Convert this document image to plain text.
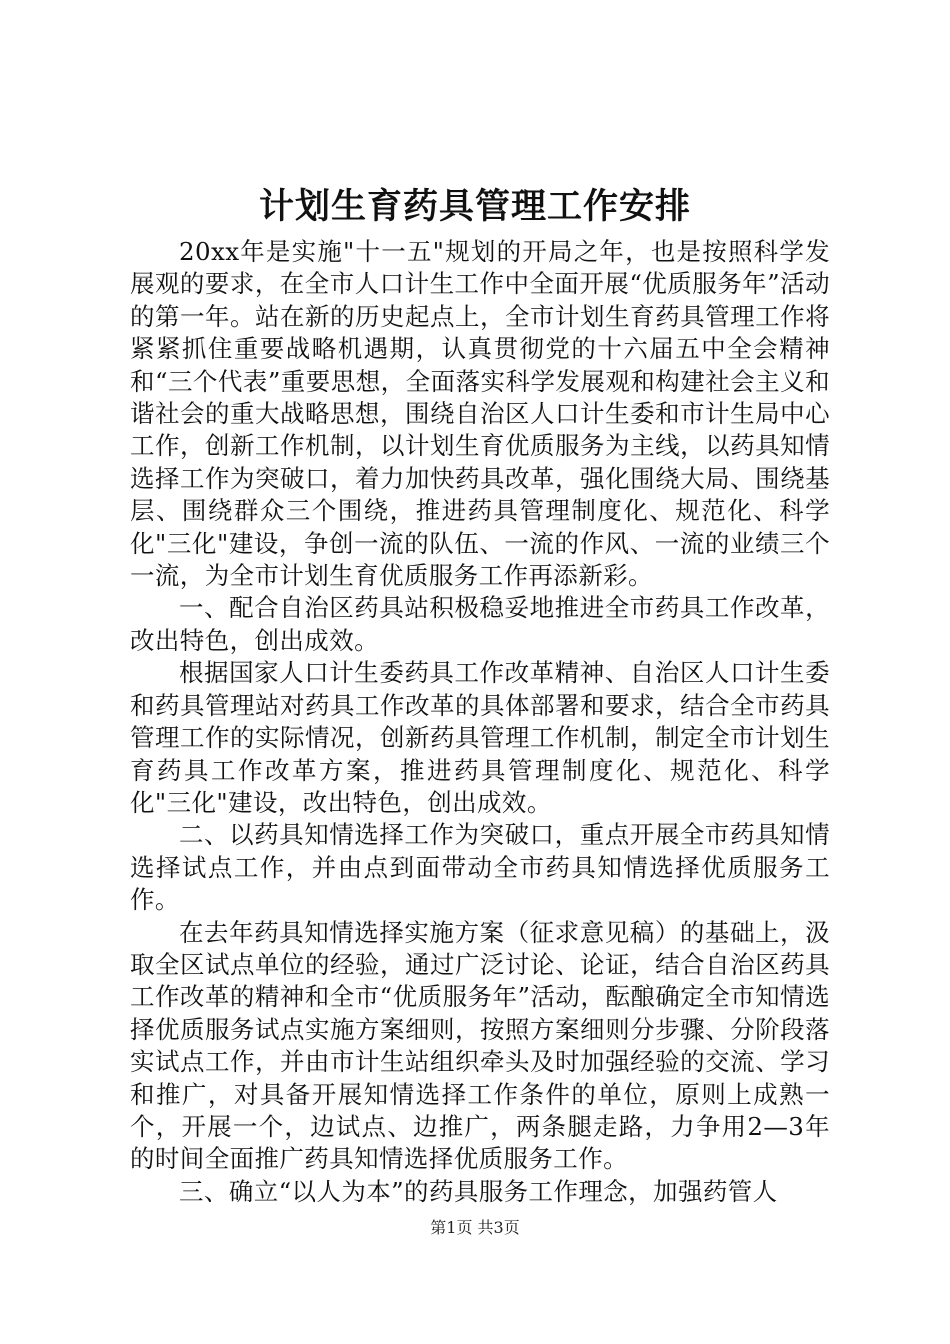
计划生育药具管理工作安排

20xx年是实施"十一五"规划的开局之年，也是按照科学发展观的要求，在全市人口计生工作中全面开展“优质服务年”活动的第一年。站在新的历史起点上，全市计划生育药具管理工作将紧紧抓住重要战略机遇期，认真贯彻党的十六届五中全会精神和“三个代表”重要思想，全面落实科学发展观和构建社会主义和谐社会的重大战略思想，围绕自治区人口计生委和市计生局中心工作，创新工作机制，以计划生育优质服务为主线，以药具知情选择工作为突破口，着力加快药具改革，强化围绕大局、围绕基层、围绕群众三个围绕，推进药具管理制度化、规范化、科学化"三化"建设，争创一流的队伍、一流的作风、一流的业绩三个一流，为全市计划生育优质服务工作再添新彩。

一、配合自治区药具站积极稳妥地推进全市药具工作改革，改出特色，创出成效。

根据国家人口计生委药具工作改革精神、自治区人口计生委和药具管理站对药具工作改革的具体部署和要求，结合全市药具管理工作的实际情况，创新药具管理工作机制，制定全市计划生育药具工作改革方案，推进药具管理制度化、规范化、科学化"三化"建设，改出特色，创出成效。

二、以药具知情选择工作为突破口，重点开展全市药具知情选择试点工作，并由点到面带动全市药具知情选择优质服务工作。

在去年药具知情选择实施方案（征求意见稿）的基础上，汲取全区试点单位的经验，通过广泛讨论、论证，结合自治区药具工作改革的精神和全市“优质服务年”活动，酝酿确定全市知情选择优质服务试点实施方案细则，按照方案细则分步骤、分阶段落实试点工作，并由市计生站组织牵头及时加强经验的交流、学习和推广，对具备开展知情选择工作条件的单位，原则上成熟一个，开展一个，边试点、边推广，两条腿走路，力争用2—3年的时间全面推广药具知情选择优质服务工作。

三、确立“以人为本”的药具服务工作理念，加强药管人

第1页 共3页
